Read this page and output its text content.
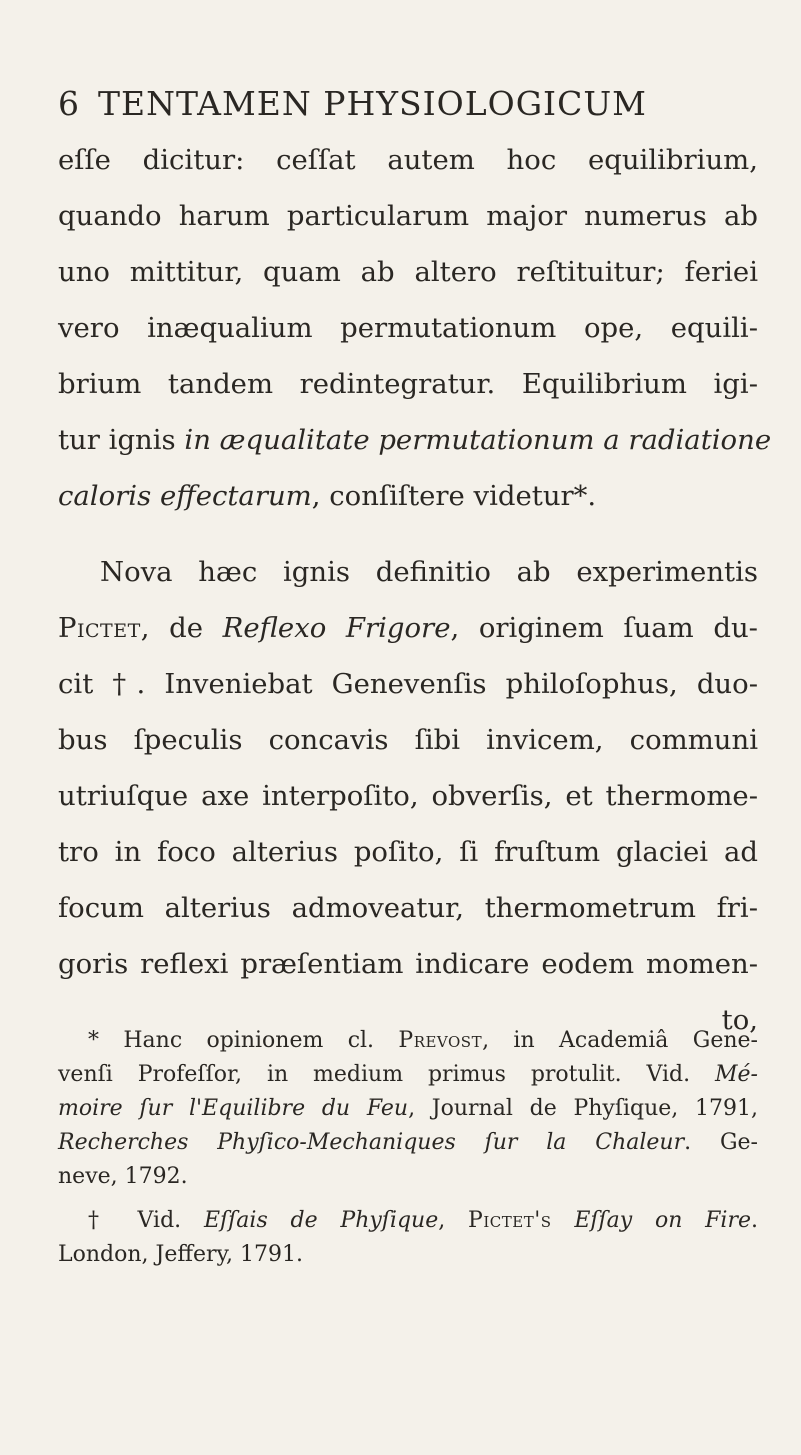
6 TENTAMEN PHYSIOLOGICUM
eſſe dicitur: ceſſat autem hoc equilibrium,
quando harum particularum major numerus ab
uno mittitur, quam ab altero reſtituitur; feriei
vero inæqualium permutationum ope, equili-
brium tandem redintegratur. Equilibrium igi-
tur ignis in æqualitate permutationum a radiatione
caloris effectarum, conſiſtere videtur*.
Nova hæc ignis definitio ab experimentis
Pictet, de Reflexo Frigore, originem ſuam du-
cit †. Inveniebat Genevenſis philoſophus, duo-
bus ſpeculis concavis ſibi invicem, communi
utriuſque axe interpoſito, obverſis, et thermome-
tro in foco alterius poſito, ſi fruſtum glaciei ad
focum alterius admoveatur, thermometrum fri-
goris reflexi præſentiam indicare eodem momen-
to,
* Hanc opinionem cl. Prevost, in Academiâ Gene-
venſi Profeſſor, in medium primus protulit. Vid. Mé-
moire ſur l'Equilibre du Feu, Journal de Phyſique, 1791,
Recherches Phyſico-Mechaniques ſur la Chaleur. Ge-
neve, 1792.
† Vid. Eſſais de Phyſique, Pictet's Eſſay on Fire.
London, Jeffery, 1791.
